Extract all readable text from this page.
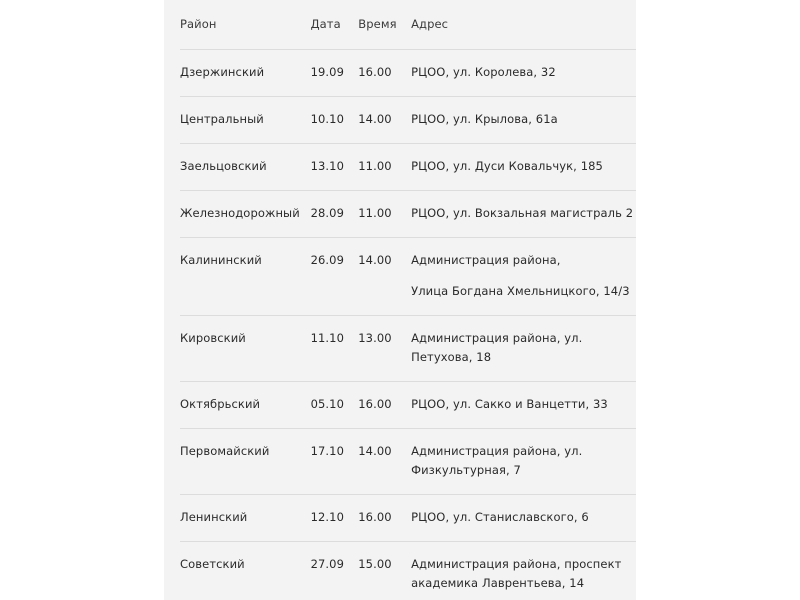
Район	Дата	Время	Адрес
Дзержинский	19.09	16.00	РЦОО, ул. Королева, 32
Центральный	10.10	14.00	РЦОО, ул. Крылова, 61а
Заельцовский	13.10	11.00	РЦОО, ул. Дуси Ковальчук, 185
Железнодорожный	28.09	11.00	РЦОО, ул. Вокзальная магистраль 2
Калининский	26.09	14.00	Администрация района,
Улица Богдана Хмельницкого, 14/3

Кировский	11.10	13.00	Администрация района, ул. Петухова, 18
Октябрьский	05.10	16.00	РЦОО, ул. Сакко и Ванцетти, 33
Первомайский	17.10	14.00	Администрация района, ул. Физкультурная, 7
Ленинский	12.10	16.00	РЦОО, ул. Станиславского, 6
Советский	27.09	15.00	Администрация района, проспект академика Лаврентьева, 14
